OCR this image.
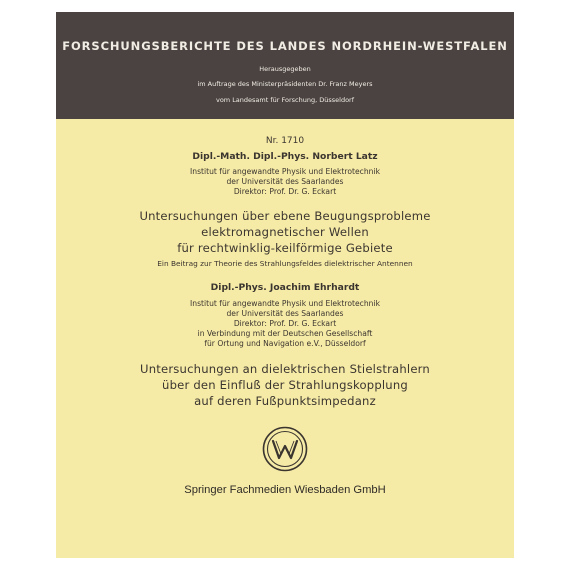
FORSCHUNGSBERICHTE DES LANDES NORDRHEIN-WESTFALEN
Herausgegeben
im Auftrage des Ministerpräsidenten Dr. Franz Meyers
vom Landesamt für Forschung, Düsseldorf
Nr. 1710
Dipl.-Math. Dipl.-Phys. Norbert Latz
Institut für angewandte Physik und Elektrotechnik
der Universität des Saarlandes
Direktor: Prof. Dr. G. Eckart
Untersuchungen über ebene Beugungsprobleme
elektromagnetischer Wellen
für rechtwinklig-keilförmige Gebiete
Ein Beitrag zur Theorie des Strahlungsfeldes dielektrischer Antennen
Dipl.-Phys. Joachim Ehrhardt
Institut für angewandte Physik und Elektrotechnik
der Universität des Saarlandes
Direktor: Prof. Dr. G. Eckart
in Verbindung mit der Deutschen Gesellschaft
für Ortung und Navigation e.V., Düsseldorf
Untersuchungen an dielektrischen Stielstrahlern
über den Einfluß der Strahlungskopplung
auf deren Fußpunktsimpedanz
Springer Fachmedien Wiesbaden GmbH
